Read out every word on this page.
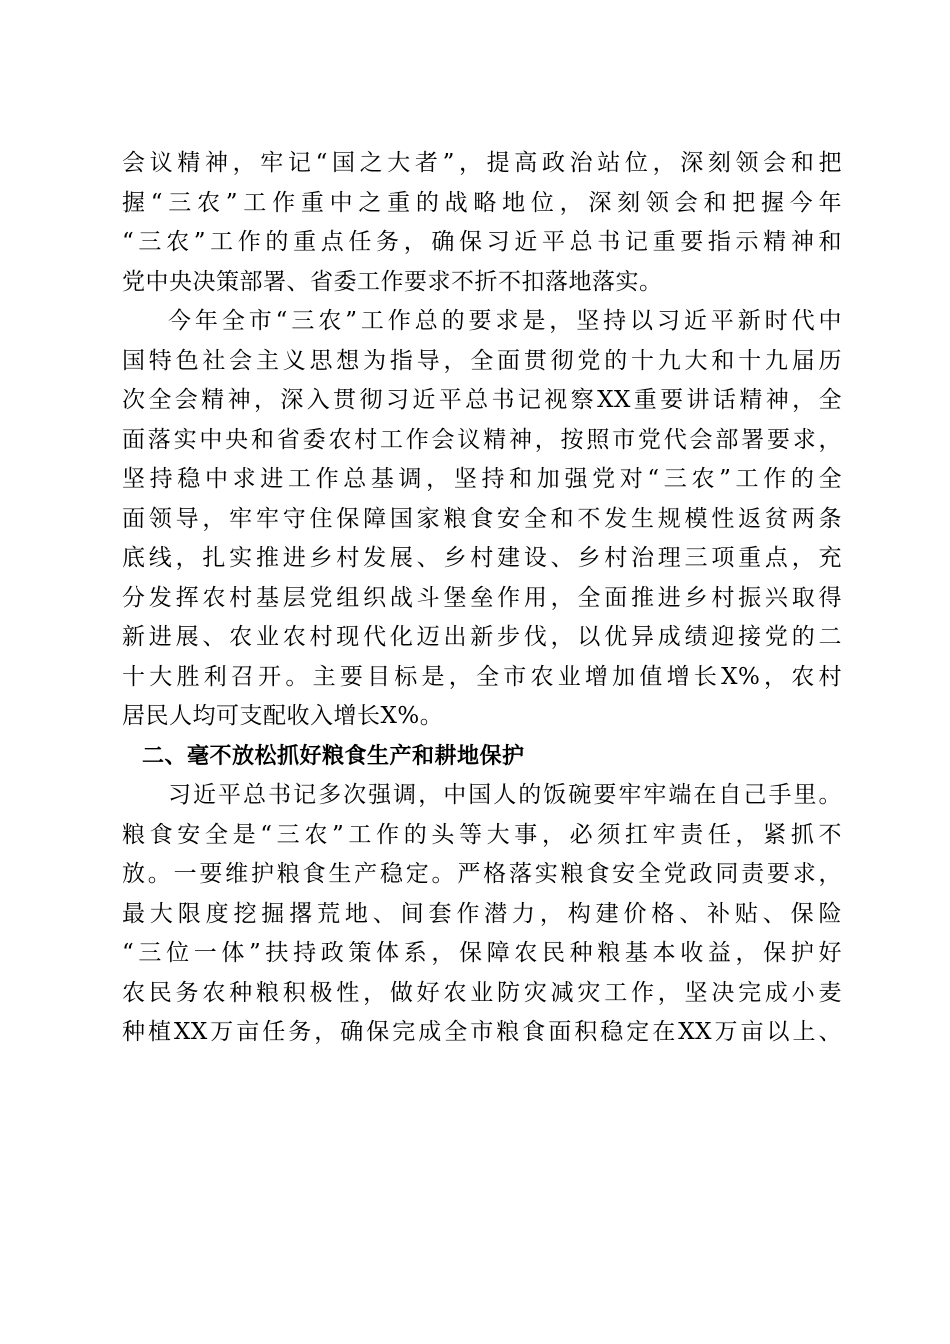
会议精神，牢记“国之大者”，提高政治站位，深刻领会和把
握“三农”工作重中之重的战略地位，深刻领会和把握今年
“三农”工作的重点任务，确保习近平总书记重要指示精神和
党中央决策部署、省委工作要求不折不扣落地落实。
今年全市“三农”工作总的要求是，坚持以习近平新时代中
国特色社会主义思想为指导，全面贯彻党的十九大和十九届历
次全会精神，深入贯彻习近平总书记视察XX重要讲话精神，全
面落实中央和省委农村工作会议精神，按照市党代会部署要求，
坚持稳中求进工作总基调，坚持和加强党对“三农”工作的全
面领导，牢牢守住保障国家粮食安全和不发生规模性返贫两条
底线，扎实推进乡村发展、乡村建设、乡村治理三项重点，充
分发挥农村基层党组织战斗堡垒作用，全面推进乡村振兴取得
新进展、农业农村现代化迈出新步伐，以优异成绩迎接党的二
十大胜利召开。主要目标是，全市农业增加值增长X%，农村
居民人均可支配收入增长X%。
二、毫不放松抓好粮食生产和耕地保护
习近平总书记多次强调，中国人的饭碗要牢牢端在自己手里。
粮食安全是“三农”工作的头等大事，必须扛牢责任，紧抓不
放。一要维护粮食生产稳定。严格落实粮食安全党政同责要求，
最大限度挖掘撂荒地、间套作潜力，构建价格、补贴、保险
“三位一体”扶持政策体系，保障农民种粮基本收益，保护好
农民务农种粮积极性，做好农业防灾减灾工作，坚决完成小麦
种植XX万亩任务，确保完成全市粮食面积稳定在XX万亩以上、
